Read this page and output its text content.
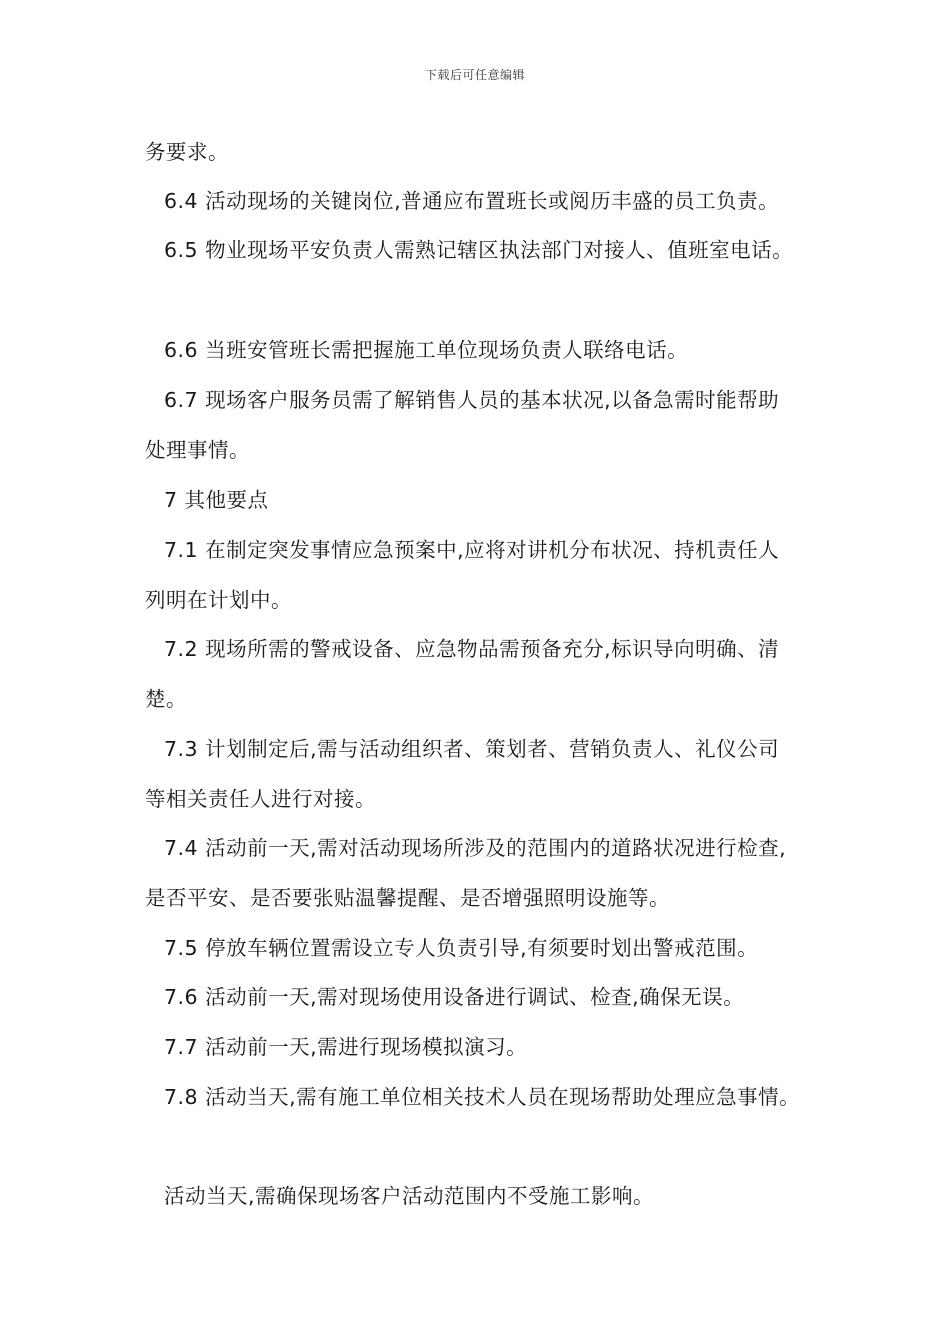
下载后可任意编辑
务要求。
6.4 活动现场的关键岗位,普通应布置班长或阅历丰盛的员工负责。
6.5 物业现场平安负责人需熟记辖区执法部门对接人、值班室电话。
6.6 当班安管班长需把握施工单位现场负责人联络电话。
6.7 现场客户服务员需了解销售人员的基本状况,以备急需时能帮助
处理事情。
7 其他要点
7.1 在制定突发事情应急预案中,应将对讲机分布状况、持机责任人
列明在计划中。
7.2 现场所需的警戒设备、应急物品需预备充分,标识导向明确、清
楚。
7.3 计划制定后,需与活动组织者、策划者、营销负责人、礼仪公司
等相关责任人进行对接。
7.4 活动前一天,需对活动现场所涉及的范围内的道路状况进行检查,
是否平安、是否要张贴温馨提醒、是否增强照明设施等。
7.5 停放车辆位置需设立专人负责引导,有须要时划出警戒范围。
7.6 活动前一天,需对现场使用设备进行调试、检查,确保无误。
7.7 活动前一天,需进行现场模拟演习。
7.8 活动当天,需有施工单位相关技术人员在现场帮助处理应急事情。
活动当天,需确保现场客户活动范围内不受施工影响。
